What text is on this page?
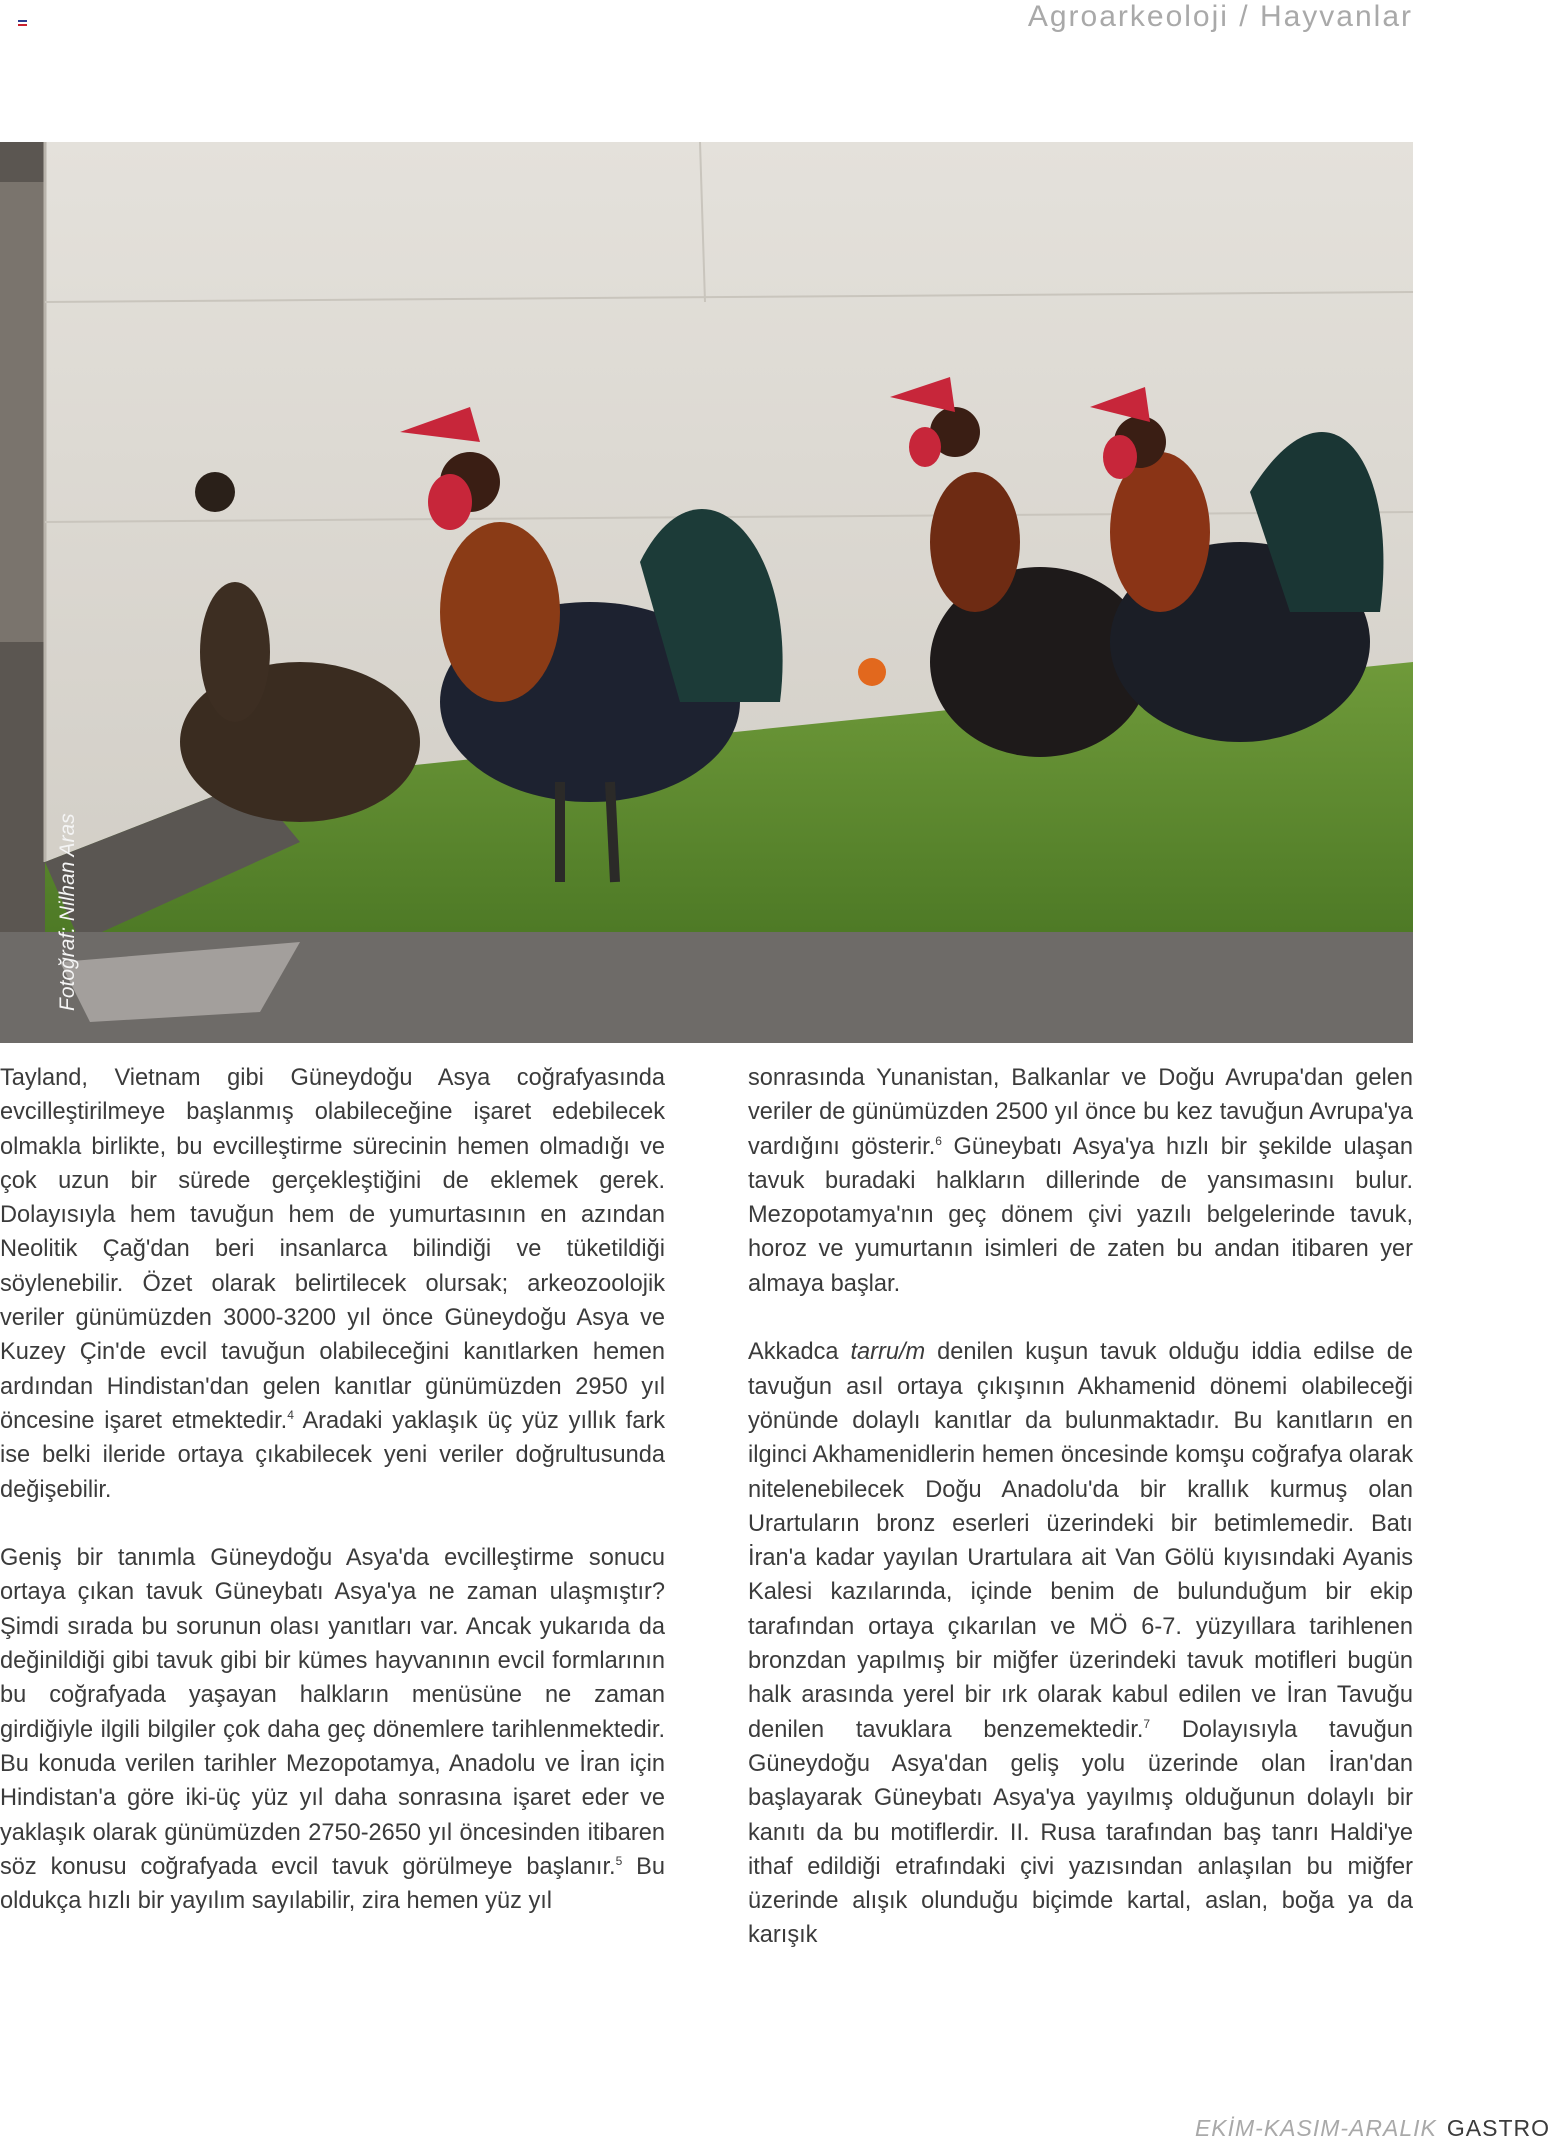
Agroarkeoloji / Hayvanlar
Fotoğraf: Nilhan Aras

Tayland, Vietnam gibi Güneydoğu Asya coğrafyasında evcilleştirilmeye başlanmış olabileceğine işaret edebilecek olmakla birlikte, bu evcilleştirme sürecinin hemen olmadığı ve çok uzun bir sürede gerçekleştiğini de eklemek gerek. Dolayısıyla hem tavuğun hem de yumurtasının en azından Neolitik Çağ'dan beri insanlarca bilindiği ve tüketildiği söylenebilir. Özet olarak belirtilecek olursak; arkeozoolojik veriler günümüzden 3000-3200 yıl önce Güneydoğu Asya ve Kuzey Çin'de evcil tavuğun olabileceğini kanıtlarken hemen ardından Hindistan'dan gelen kanıtlar günümüzden 2950 yıl öncesine işaret etmektedir.$^4$ Aradaki yaklaşık üç yüz yıllık fark ise belki ileride ortaya çıkabilecek yeni veriler doğrultusunda değişebilir.

Geniş bir tanımla Güneydoğu Asya'da evcilleştirme sonucu ortaya çıkan tavuk Güneybatı Asya'ya ne zaman ulaşmıştır? Şimdi sırada bu sorunun olası yanıtları var. Ancak yukarıda da değinildiği gibi tavuk gibi bir kümes hayvanının evcil formlarının bu coğrafyada yaşayan halkların menüsüne ne zaman girdiğiyle ilgili bilgiler çok daha geç dönemlere tarihlenmektedir. Bu konuda verilen tarihler Mezopotamya, Anadolu ve İran için Hindistan'a göre iki-üç yüz yıl daha sonrasına işaret eder ve yaklaşık olarak günümüzden 2750-2650 yıl öncesinden itibaren söz konusu coğrafyada evcil tavuk görülmeye başlanır.$^5$ Bu oldukça hızlı bir yayılım sayılabilir, zira hemen yüz yıl

sonrasında Yunanistan, Balkanlar ve Doğu Avrupa'dan gelen veriler de günümüzden 2500 yıl önce bu kez tavuğun Avrupa'ya vardığını gösterir.$^6$ Güneybatı Asya'ya hızlı bir şekilde ulaşan tavuk buradaki halkların dillerinde de yansımasını bulur. Mezopotamya'nın geç dönem çivi yazılı belgelerinde tavuk, horoz ve yumurtanın isimleri de zaten bu andan itibaren yer almaya başlar.

Akkadca tarru/m denilen kuşun tavuk olduğu iddia edilse de tavuğun asıl ortaya çıkışının Akhamenid dönemi olabileceği yönünde dolaylı kanıtlar da bulunmaktadır. Bu kanıtların en ilginci Akhamenidlerin hemen öncesinde komşu coğrafya olarak nitelenebilecek Doğu Anadolu'da bir krallık kurmuş olan Urartuların bronz eserleri üzerindeki bir betimlemedir. Batı İran'a kadar yayılan Urartulara ait Van Gölü kıyısındaki Ayanis Kalesi kazılarında, içinde benim de bulunduğum bir ekip tarafından ortaya çıkarılan ve MÖ 6-7. yüzyıllara tarihlenen bronzdan yapılmış bir miğfer üzerindeki tavuk motifleri bugün halk arasında yerel bir ırk olarak kabul edilen ve İran Tavuğu denilen tavuklara benzemektedir.$^7$ Dolayısıyla tavuğun Güneydoğu Asya'dan geliş yolu üzerinde olan İran'dan başlayarak Güneybatı Asya'ya yayılmış olduğunun dolaylı bir kanıtı da bu motiflerdir. II. Rusa tarafından baş tanrı Haldi'ye ithaf edildiği etrafındaki çivi yazısından anlaşılan bu miğfer üzerinde alışık olunduğu biçimde kartal, aslan, boğa ya da karışık

EKİM-KASIM-ARALIK GASTRO
